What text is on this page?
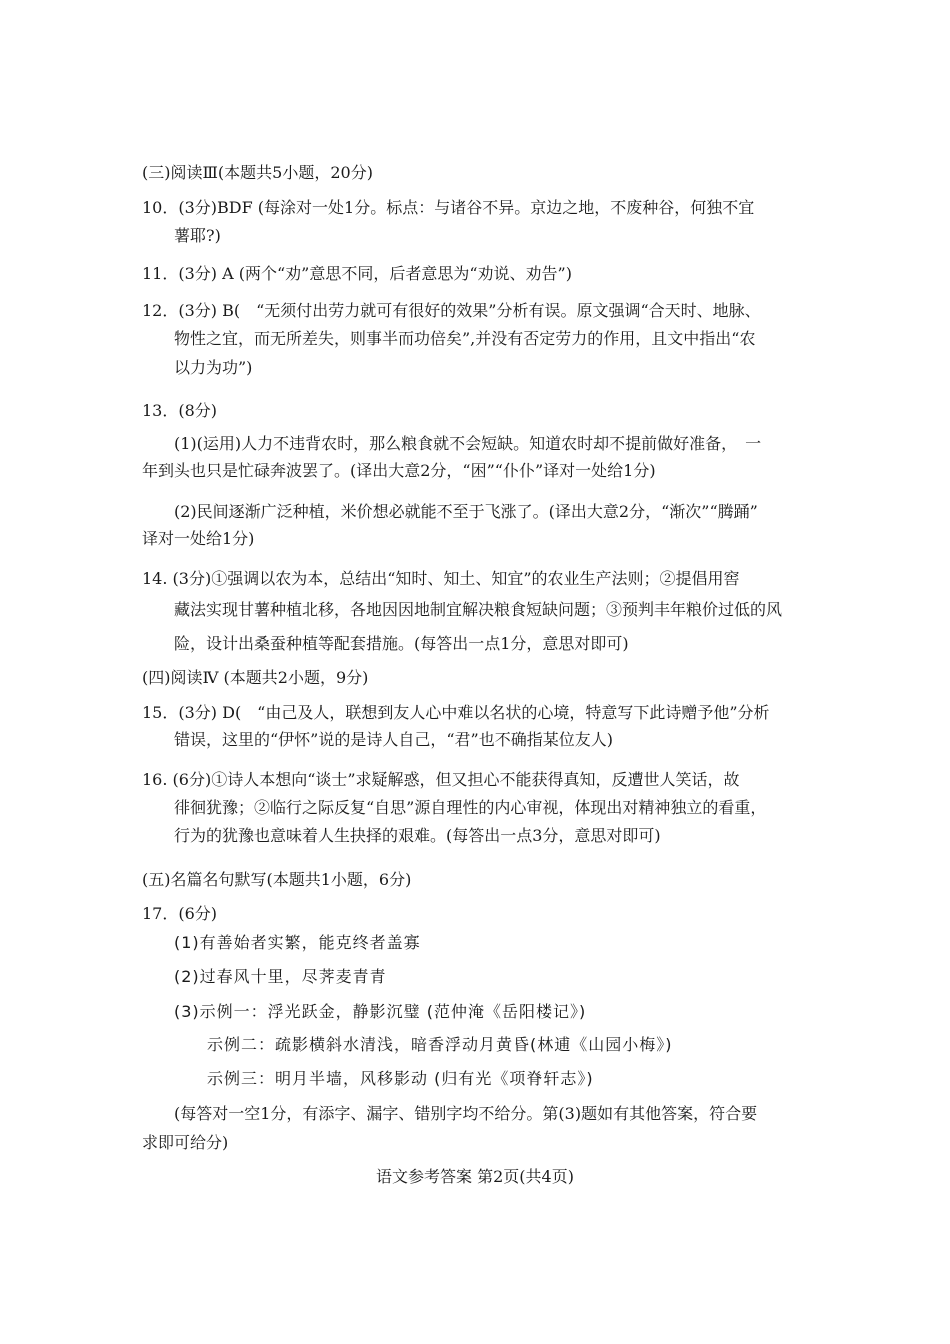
(三)阅读Ⅲ(本题共5小题，20分)
10．(3分)BDF (每涂对一处1分。标点：与诸谷不异。京边之地，不废种谷，何独不宜
薯耶?)
11．(3分) A (两个“劝”意思不同，后者意思为“劝说、劝告”)
12．(3分) B(　“无须付出劳力就可有很好的效果”分析有误。原文强调“合天时、地脉、
物性之宜，而无所差失，则事半而功倍矣”,并没有否定劳力的作用，且文中指出“农
以力为功”)
13．(8分)
(1)(运用)人力不违背农时，那么粮食就不会短缺。知道农时却不提前做好准备，　一
年到头也只是忙碌奔波罢了。(译出大意2分，“困”“仆仆”译对一处给1分)
(2)民间逐渐广泛种植，米价想必就能不至于飞涨了。(译出大意2分，“渐次”“腾踊”
译对一处给1分)
14. (3分)①强调以农为本，总结出“知时、知土、知宜”的农业生产法则；②提倡用窖
藏法实现甘薯种植北移，各地因因地制宜解决粮食短缺问题；③预判丰年粮价过低的风
险，设计出桑蚕种植等配套措施。(每答出一点1分，意思对即可)
(四)阅读Ⅳ (本题共2小题，9分)
15．(3分) D(　“由己及人，联想到友人心中难以名状的心境，特意写下此诗赠予他”分析
错误，这里的“伊怀”说的是诗人自己，“君”也不确指某位友人)
16. (6分)①诗人本想向“谈士”求疑解惑，但又担心不能获得真知，反遭世人笑话，故
徘徊犹豫；②临行之际反复“自思”源自理性的内心审视，体现出对精神独立的看重，
行为的犹豫也意味着人生抉择的艰难。(每答出一点3分，意思对即可)
(五)名篇名句默写(本题共1小题，6分)
17．(6分)
(1)有善始者实繁，能克终者盖寡
(2)过春风十里，尽荠麦青青
(3)示例一：浮光跃金，静影沉璧 (范仲淹《岳阳楼记》)
示例二：疏影横斜水清浅，暗香浮动月黄昏(林逋《山园小梅》)
示例三：明月半墙，风移影动 (归有光《项脊轩志》)
(每答对一空1分，有添字、漏字、错别字均不给分。第(3)题如有其他答案，符合要
求即可给分)
语文参考答案 第2页(共4页)
